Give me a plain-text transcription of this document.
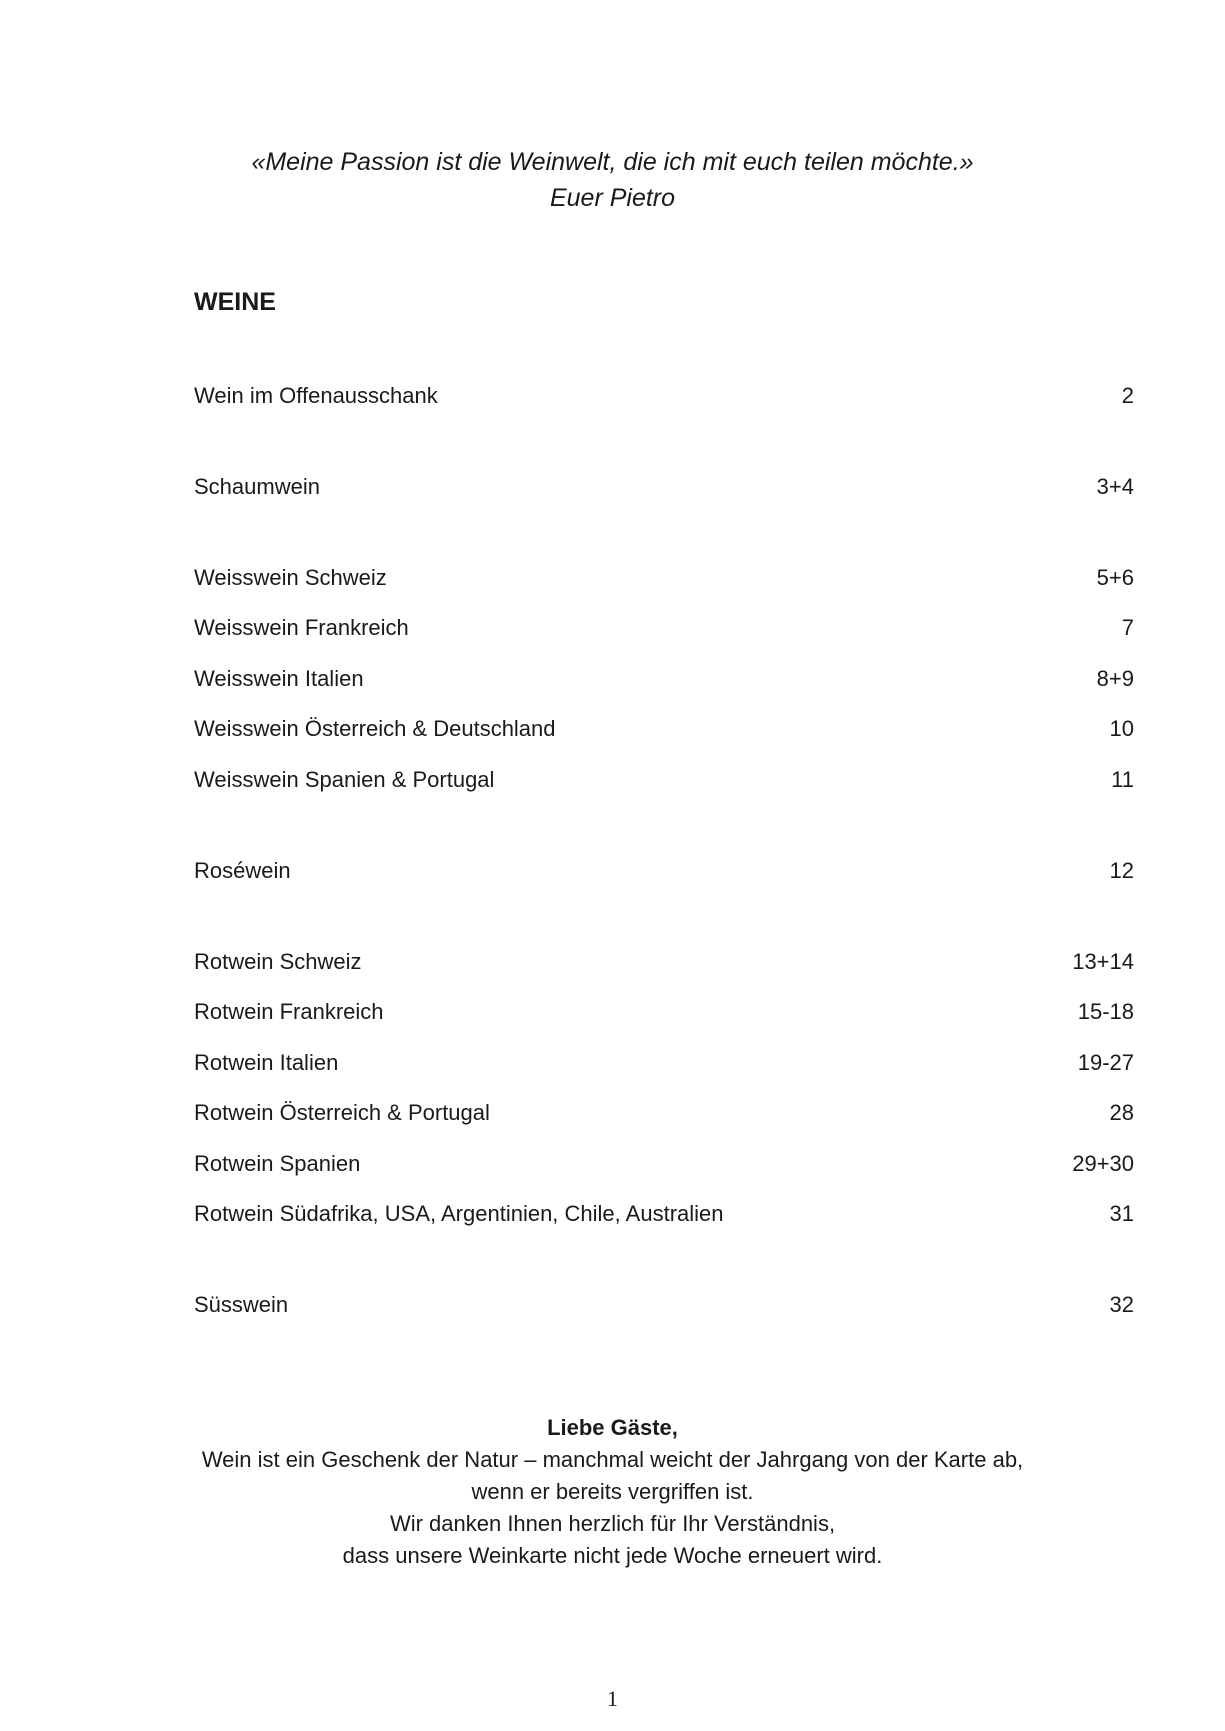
«Meine Passion ist die Weinwelt, die ich mit euch teilen möchte.»
Euer Pietro
WEINE
Wein im Offenausschank	2
Schaumwein	3+4
Weisswein Schweiz	5+6
Weisswein Frankreich	7
Weisswein Italien	8+9
Weisswein Österreich & Deutschland	10
Weisswein Spanien & Portugal	11
Roséwein	12
Rotwein Schweiz	13+14
Rotwein Frankreich	15-18
Rotwein Italien	19-27
Rotwein Österreich & Portugal	28
Rotwein Spanien	29+30
Rotwein Südafrika, USA, Argentinien, Chile, Australien	31
Süsswein	32
Liebe Gäste,
Wein ist ein Geschenk der Natur – manchmal weicht der Jahrgang von der Karte ab,
wenn er bereits vergriffen ist.
Wir danken Ihnen herzlich für Ihr Verständnis,
dass unsere Weinkarte nicht jede Woche erneuert wird.
1
